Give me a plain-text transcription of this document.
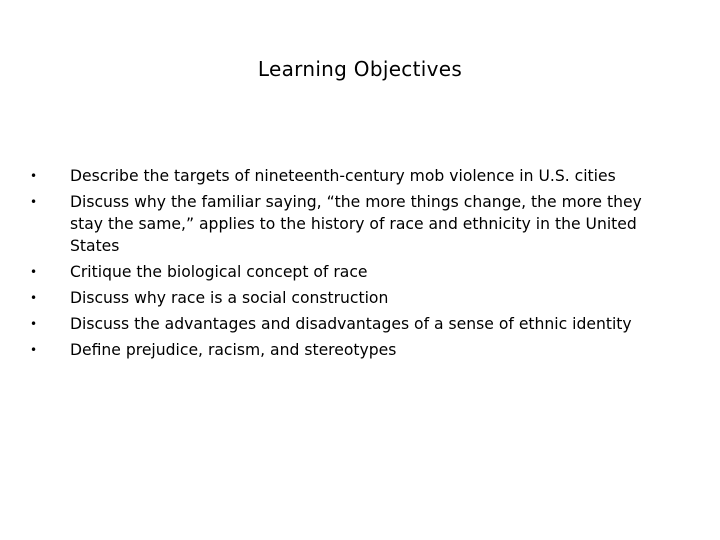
Learning Objectives
• Describe the targets of nineteenth-century mob violence in U.S. cities
• Discuss why the familiar saying, “the more things change, the more they stay the same,” applies to the history of race and ethnicity in the United States
• Critique the biological concept of race
• Discuss why race is a social construction
• Discuss the advantages and disadvantages of a sense of ethnic identity
• Define prejudice, racism, and stereotypes
